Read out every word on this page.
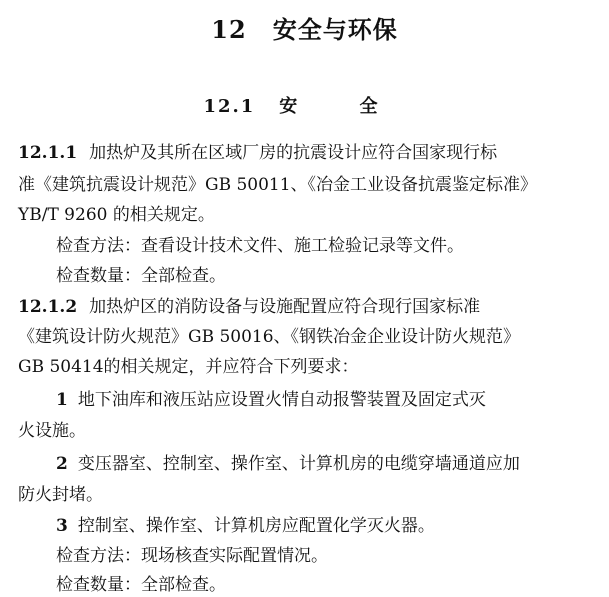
12 安全与环保
12.1 安 全
12.1.1 加热炉及其所在区域厂房的抗震设计应符合国家现行标
准《建筑抗震设计规范》GB 50011、《冶金工业设备抗震鉴定标准》
YB/T 9260 的相关规定。
检查方法：查看设计技术文件、施工检验记录等文件。
检查数量：全部检查。
12.1.2 加热炉区的消防设备与设施配置应符合现行国家标准
《建筑设计防火规范》GB 50016、《钢铁冶金企业设计防火规范》
GB 50414的相关规定，并应符合下列要求：
1 地下油库和液压站应设置火情自动报警装置及固定式灭
火设施。
2 变压器室、控制室、操作室、计算机房的电缆穿墙通道应加
防火封堵。
3 控制室、操作室、计算机房应配置化学灭火器。
检查方法：现场核查实际配置情况。
检查数量：全部检查。
